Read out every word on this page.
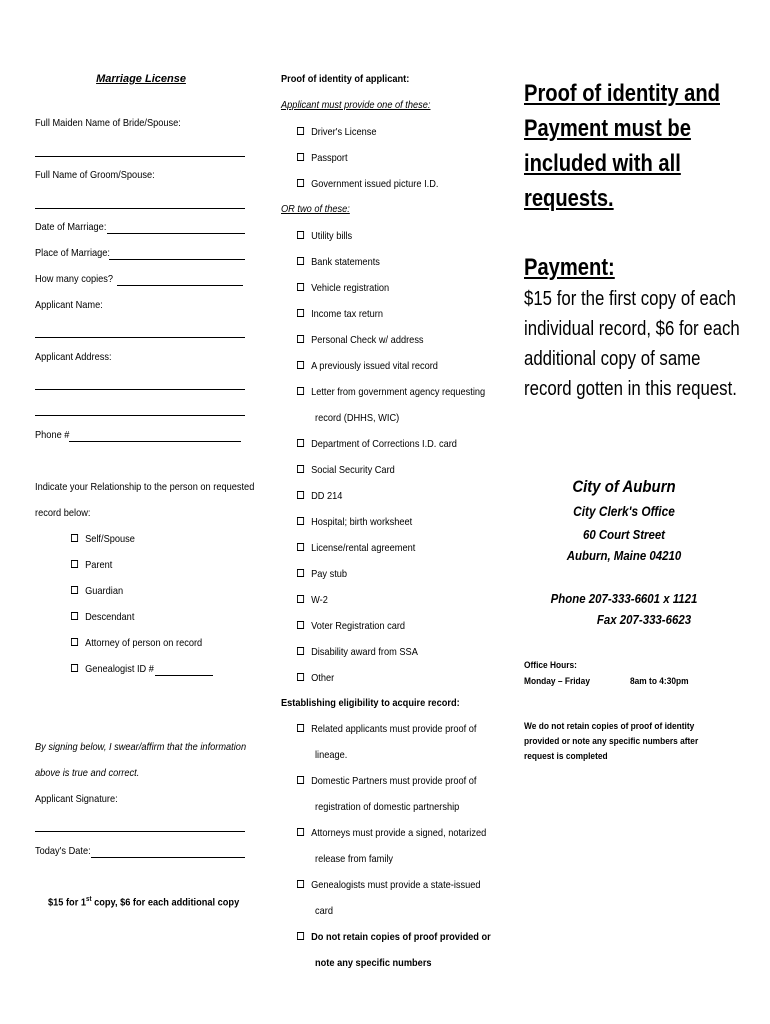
Marriage License
Full Maiden Name of Bride/Spouse:
Full Name of Groom/Spouse:
Date of Marriage:
Place of Marriage:
How many copies?
Applicant Name:
Applicant Address:
Phone #
Indicate your Relationship to the person on requested
record below:
Self/Spouse
Parent
Guardian
Descendant
Attorney of person on record
Genealogist ID #
By signing below, I swear/affirm that the information
above is true and correct.
Applicant Signature:
Today's Date:
$15 for 1st copy, $6 for each additional copy
Proof of identity of applicant:
Applicant must provide one of these:
Driver's License
Passport
Government issued picture I.D.
OR two of these:
Utility bills
Bank statements
Vehicle registration
Income tax return
Personal Check w/ address
A previously issued vital record
Letter from government agency requesting
record (DHHS, WIC)
Department of Corrections I.D. card
Social Security Card
DD 214
Hospital; birth worksheet
License/rental agreement
Pay stub
W-2
Voter Registration card
Disability award from SSA
Other
Establishing eligibility to acquire record:
Related applicants must provide proof of
lineage.
Domestic Partners must provide proof of
registration of domestic partnership
Attorneys must provide a signed, notarized
release from family
Genealogists must provide a state-issued
card
Do not retain copies of proof provided or
note any specific numbers
Proof of identity and
Payment must be
included with all
requests.
Payment:
$15 for the first copy of each
individual record, $6 for each
additional copy of same
record gotten in this request.
City of Auburn
City Clerk's Office
60 Court Street
Auburn, Maine 04210
Phone 207-333-6601 x 1121
Fax 207-333-6623
Office Hours:
Monday – Friday	8am to 4:30pm
We do not retain copies of proof of identity
provided or note any specific numbers after
request is completed
